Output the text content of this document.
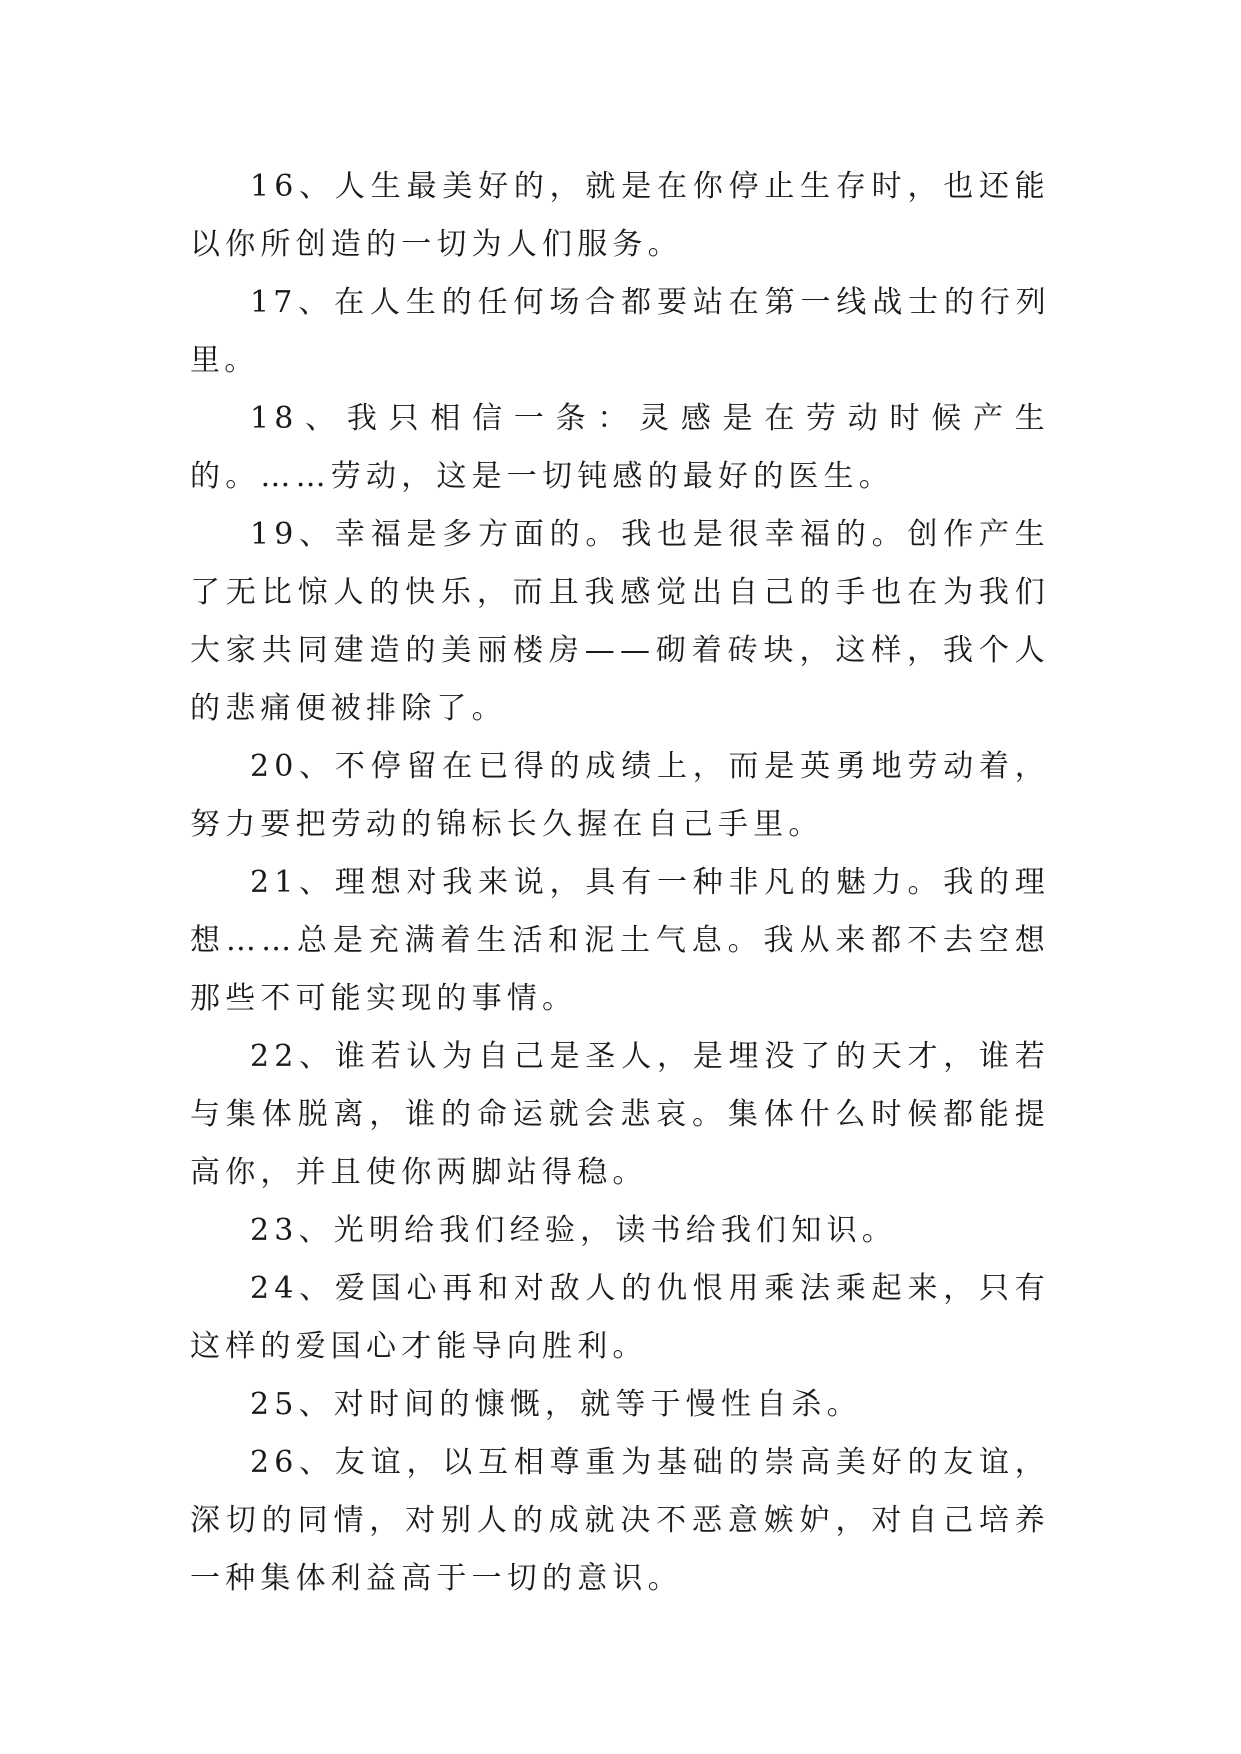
16、人生最美好的，就是在你停止生存时，也还能以你所创造的一切为人们服务。

17、在人生的任何场合都要站在第一线战士的行列里。

18、我只相信一条：灵感是在劳动时候产生的。……劳动，这是一切钝感的最好的医生。

19、幸福是多方面的。我也是很幸福的。创作产生了无比惊人的快乐，而且我感觉出自己的手也在为我们大家共同建造的美丽楼房——砌着砖块，这样，我个人的悲痛便被排除了。

20、不停留在已得的成绩上，而是英勇地劳动着，努力要把劳动的锦标长久握在自己手里。

21、理想对我来说，具有一种非凡的魅力。我的理想……总是充满着生活和泥土气息。我从来都不去空想那些不可能实现的事情。

22、谁若认为自己是圣人，是埋没了的天才，谁若与集体脱离，谁的命运就会悲哀。集体什么时候都能提高你，并且使你两脚站得稳。

23、光明给我们经验，读书给我们知识。

24、爱国心再和对敌人的仇恨用乘法乘起来，只有这样的爱国心才能导向胜利。

25、对时间的慷慨，就等于慢性自杀。

26、友谊，以互相尊重为基础的崇高美好的友谊，深切的同情，对别人的成就决不恶意嫉妒，对自己培养一种集体利益高于一切的意识。
